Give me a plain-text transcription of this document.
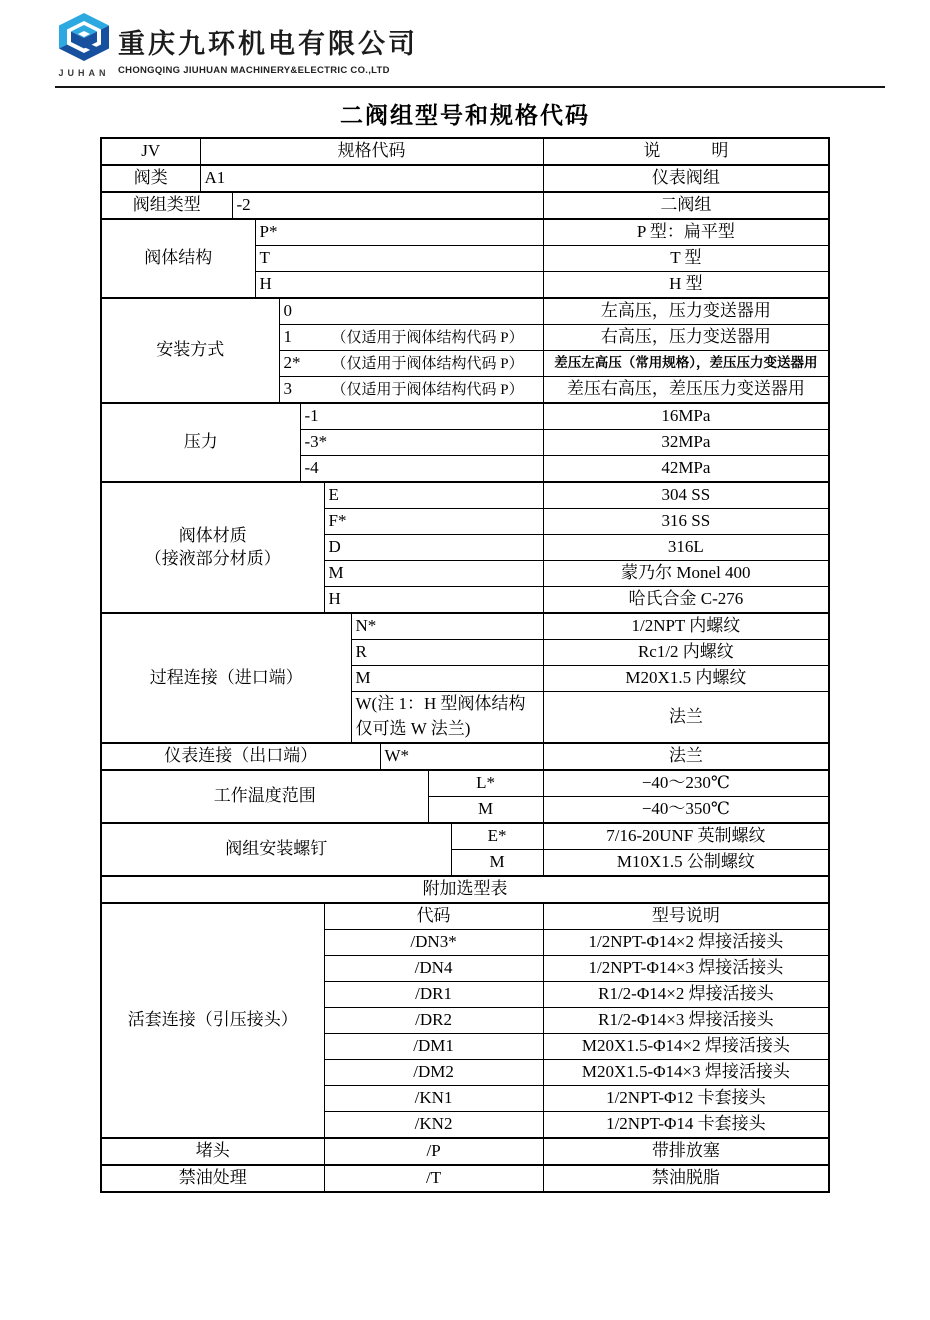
JUHAN
重庆九环机电有限公司
CHONGQING JIUHUAN MACHINERY&ELECTRIC CO.,LTD
二阀组型号和规格代码
JV	规格代码										说　　　明
阀类	A1										仪表阀组
阀组类型		-2									二阀组
阀体结构			P*								P 型：扁平型
			T								T 型
			H								H 型
安装方式				0							左高压，压力变送器用
				1 （仅适用于阀体结构代码 P）							右高压，压力变送器用
				2* （仅适用于阀体结构代码 P）							差压左高压（常用规格），差压压力变送器用
				3 （仅适用于阀体结构代码 P）							差压右高压，差压压力变送器用
压力					-1						16MPa
					-3*						32MPa
					-4						42MPa

阀体材质
（接液部分材质）						E					304 SS
						F*					316 SS
						D					316L
						M					蒙乃尔 Monel 400
						H					哈氏合金 C-276
过程连接（进口端）							N*				1/2NPT 内螺纹
							R				Rc1/2 内螺纹
							M				M20X1.5 内螺纹
							W(注 1：H 型阀体结构仅可选 W 法兰)				法兰
仪表连接（出口端）								W*			法兰
工作温度范围									L*		−40～230℃
									M		−40～350℃
阀组安装螺钉										E*	7/16-20UNF 英制螺纹
										M	M10X1.5 公制螺纹
附加选型表											
活套连接（引压接头）						代码					型号说明
						/DN3*					1/2NPT-Φ14×2 焊接活接头
						/DN4					1/2NPT-Φ14×3 焊接活接头
						/DR1					R1/2-Φ14×2 焊接活接头
						/DR2					R1/2-Φ14×3 焊接活接头
						/DM1					M20X1.5-Φ14×2 焊接活接头
						/DM2					M20X1.5-Φ14×3 焊接活接头
						/KN1					1/2NPT-Φ12 卡套接头
						/KN2					1/2NPT-Φ14 卡套接头
堵头						/P					带排放塞
禁油处理						/T					禁油脱脂
